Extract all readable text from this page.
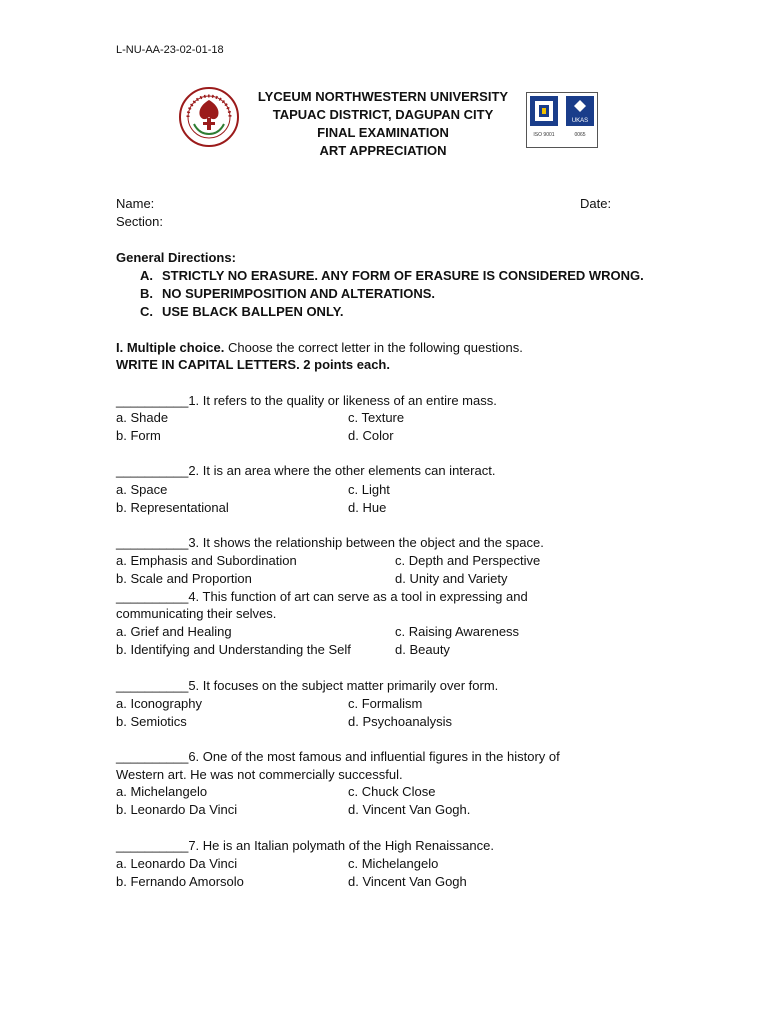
L-NU-AA-23-02-01-18
UKAS
ISO 9001	0065
LYCEUM NORTHWESTERN UNIVERSITY
TAPUAC DISTRICT, DAGUPAN CITY
FINAL EXAMINATION
ART APPRECIATION
Name:	Date:
Section:
General Directions:
A. STRICTLY NO ERASURE. ANY FORM OF ERASURE IS CONSIDERED WRONG.
B. NO SUPERIMPOSITION AND ALTERATIONS.
C. USE BLACK BALLPEN ONLY.
I. Multiple choice. Choose the correct letter in the following questions.
WRITE IN CAPITAL LETTERS. 2 points each.
__________1. It refers to the quality or likeness of an entire mass.
a. Shade	c. Texture
b. Form	d. Color
__________2. It is an area where the other elements can interact.
a. Space	c. Light
b. Representational	d. Hue
__________3. It shows the relationship between the object and the space.
a. Emphasis and Subordination	c. Depth and Perspective
b. Scale and Proportion	d. Unity and Variety
__________4. This function of art can serve as a tool in expressing and
communicating their selves.
a. Grief and Healing	c. Raising Awareness
b. Identifying and Understanding the Self	d. Beauty
__________5. It focuses on the subject matter primarily over form.
a. Iconography	c. Formalism
b. Semiotics	d. Psychoanalysis
__________6. One of the most famous and influential figures in the history of
Western art. He was not commercially successful.
a. Michelangelo	c. Chuck Close
b. Leonardo Da Vinci	d. Vincent Van Gogh.
__________7. He is an Italian polymath of the High Renaissance.
a. Leonardo Da Vinci	c. Michelangelo
b. Fernando Amorsolo	d. Vincent Van Gogh
